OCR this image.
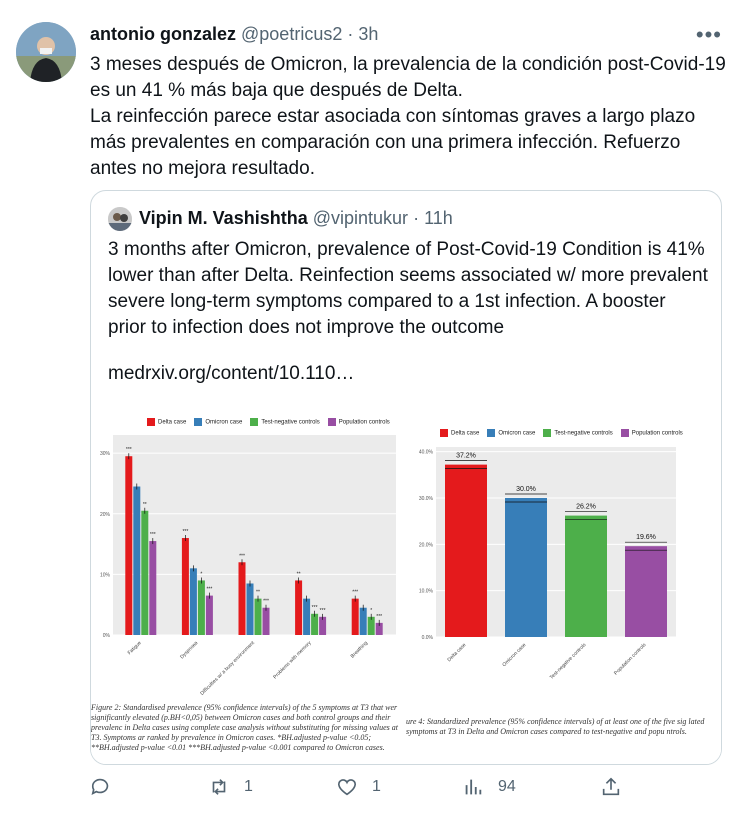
antonio gonzalez @poetricus2 · 3h	•••
3 meses después de Omicron, la prevalencia de la condición post-Covid-19 es un 41 % más baja que después de Delta.
La reinfección parece estar asociada con síntomas graves a largo plazo más prevalentes en comparación con una primera infección. Refuerzo antes no mejora resultado.
Vipin M. Vashishtha @vipintukur · 11h
3 months after Omicron, prevalence of Post-Covid-19 Condition is 41% lower than after Delta. Reinfection seems associated w/ more prevalent severe long-term symptoms compared to a 1st infection. A booster prior to infection does not improve the outcome
medrxiv.org/content/10.110…
Delta case	Omicron case	Test-negative controls	Population controls
0%
10%
20%
30%
***
**
***
Fatigue
***
*
***
Dyspnoea
***
**
***
Difficulties w/ a busy environment
**
***
***
Problems with memory
***
*
***
Breathing
Figure 2: Standardised prevalence (95% confidence intervals) of the 5 symptoms at T3 that wer significantly elevated (p.BH<0,05) between Omicron cases and both control groups and their prevalenc in Delta cases using complete case analysis without substituting for missing values at T3. Symptoms ar ranked by prevalence in Omicron cases. *BH.adjusted p-value <0.05; **BH.adjusted p-value <0.01 ***BH.adjusted p-value <0.001 compared to Omicron cases.
Delta case	Omicron case	Test-negative controls	Population controls
0.0%
10.0%
20.0%
30.0%
40.0%	37.2%
Delta case
30.0%
Omicron case
26.2%
Test-negative controls
19.6%
Population controls
ure 4: Standardized prevalence (95% confidence intervals) of at least one of the five sig lated symptoms at T3 in Delta and Omicron cases compared to test-negative and popu ntrols.
1	1	94
